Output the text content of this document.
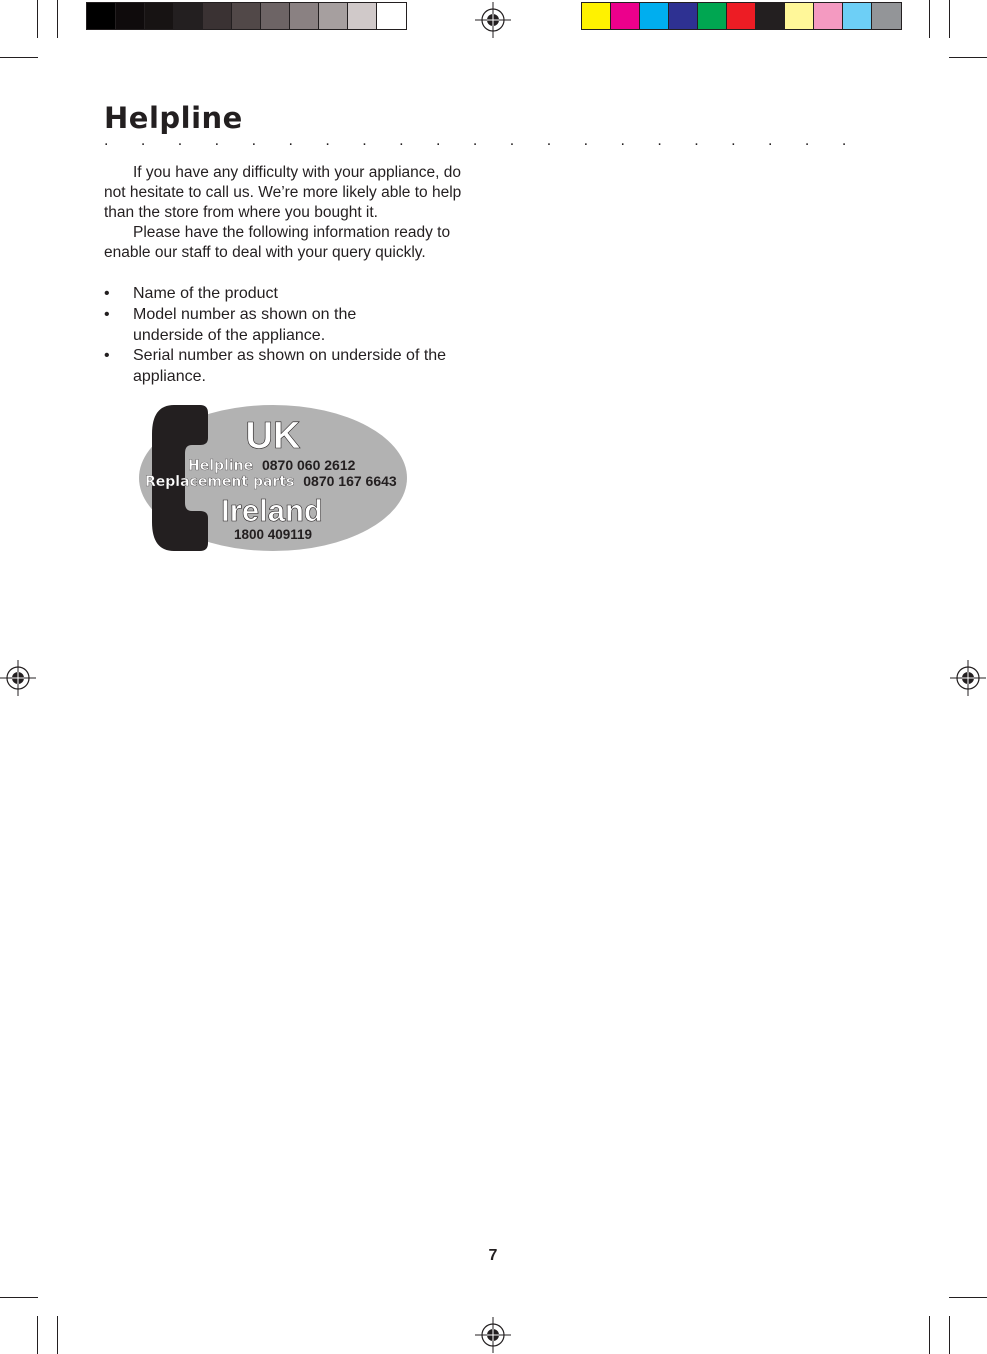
Helpline
. . . . . . . . . . . . . . . . . . . . .

If you have any difficulty with your appliance, do not hesitate to call us. We’re more likely able to help than the store from where you bought it.

Please have the following information ready to enable our staff to deal with your query quickly.

• Name of the product
• Model number as shown on the underside of the appliance.
• Serial number as shown on underside of the appliance.
UK
Helpline 0870 060 2612
Replacement parts 0870 167 6643
Ireland
1800 409119
7
